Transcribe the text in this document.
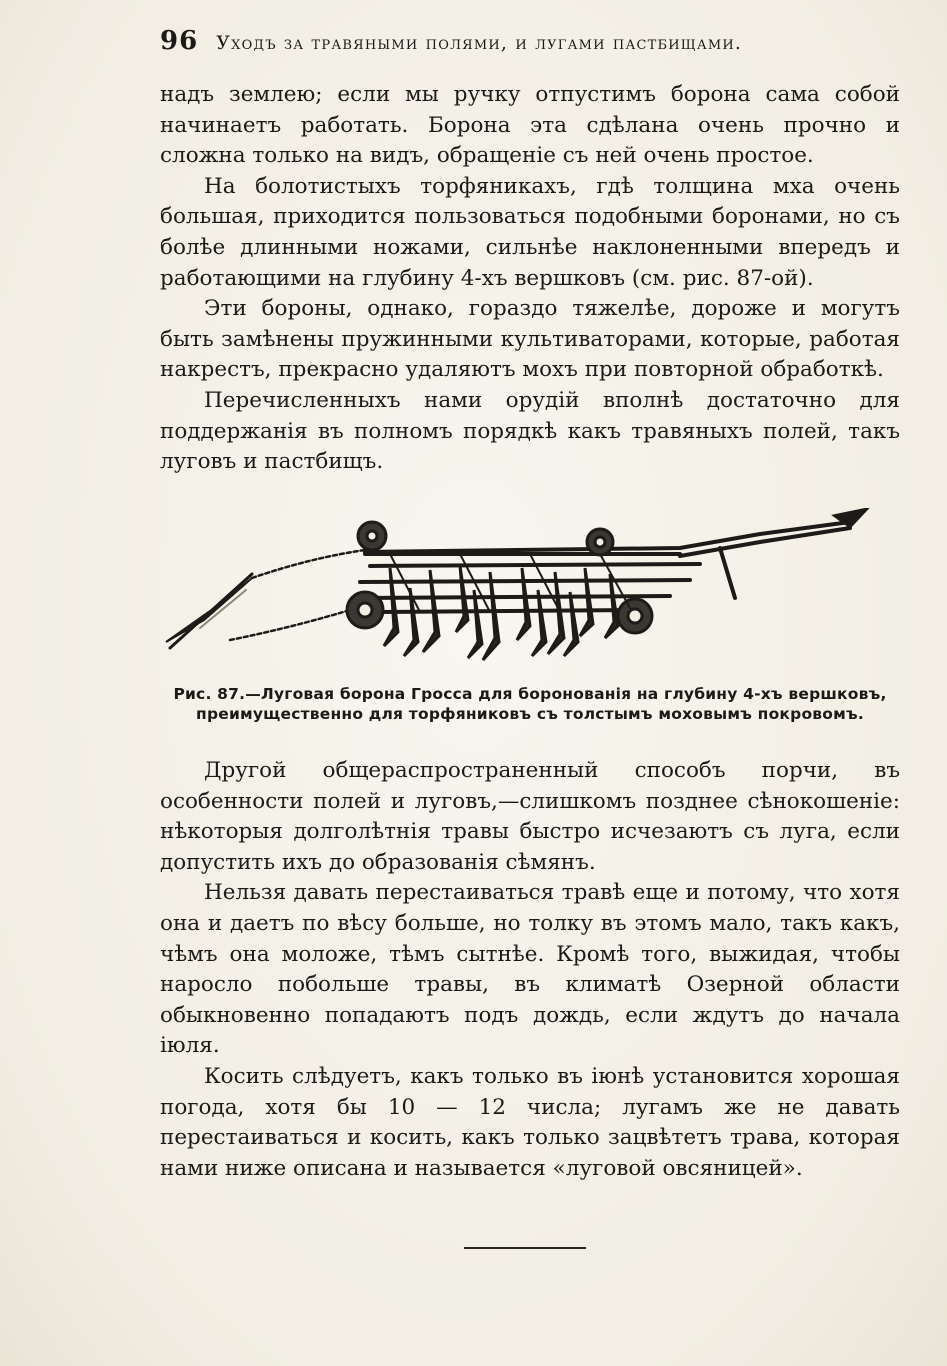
96 Уходъ за травяными полями, и лугами пастбищами.

надъ землею; если мы ручку отпустимъ борона сама собой начинаетъ работать. Борона эта сдѣлана очень прочно и сложна только на видъ, обращеніе съ ней очень простое.

На болотистыхъ торфяникахъ, гдѣ толщина мха очень большая, приходится пользоваться подобными боронами, но съ болѣе длинными ножами, сильнѣе наклоненными впередъ и работающими на глубину 4-хъ вершковъ (см. рис. 87-ой).

Эти бороны, однако, гораздо тяжелѣе, дороже и могутъ быть замѣнены пружинными культиваторами, которые, работая накрестъ, прекрасно удаляютъ мохъ при повторной обработкѣ.

Перечисленныхъ нами орудій вполнѣ достаточно для поддержанія въ полномъ порядкѣ какъ травяныхъ полей, такъ луговъ и пастбищъ.

Рис. 87.—Луговая борона Гросса для боронованія на глубину 4-хъ вершковъ,
преимущественно для торфяниковъ съ толстымъ моховымъ покровомъ.

Другой общераспространенный способъ порчи, въ особенности полей и луговъ,—слишкомъ позднее сѣнокошеніе: нѣкоторыя долголѣтнія травы быстро исчезаютъ съ луга, если допустить ихъ до образованія сѣмянъ.

Нельзя давать перестаиваться травѣ еще и потому, что хотя она и даетъ по вѣсу больше, но толку въ этомъ мало, такъ какъ, чѣмъ она моложе, тѣмъ сытнѣе. Кромѣ того, выжидая, чтобы наросло побольше травы, въ климатѣ Озерной области обыкновенно попадаютъ подъ дождь, если ждутъ до начала іюля.

Косить слѣдуетъ, какъ только въ іюнѣ установится хорошая погода, хотя бы 10 — 12 числа; лугамъ же не давать перестаиваться и косить, какъ только зацвѣтетъ трава, которая нами ниже описана и называется «луговой овсяницей».
